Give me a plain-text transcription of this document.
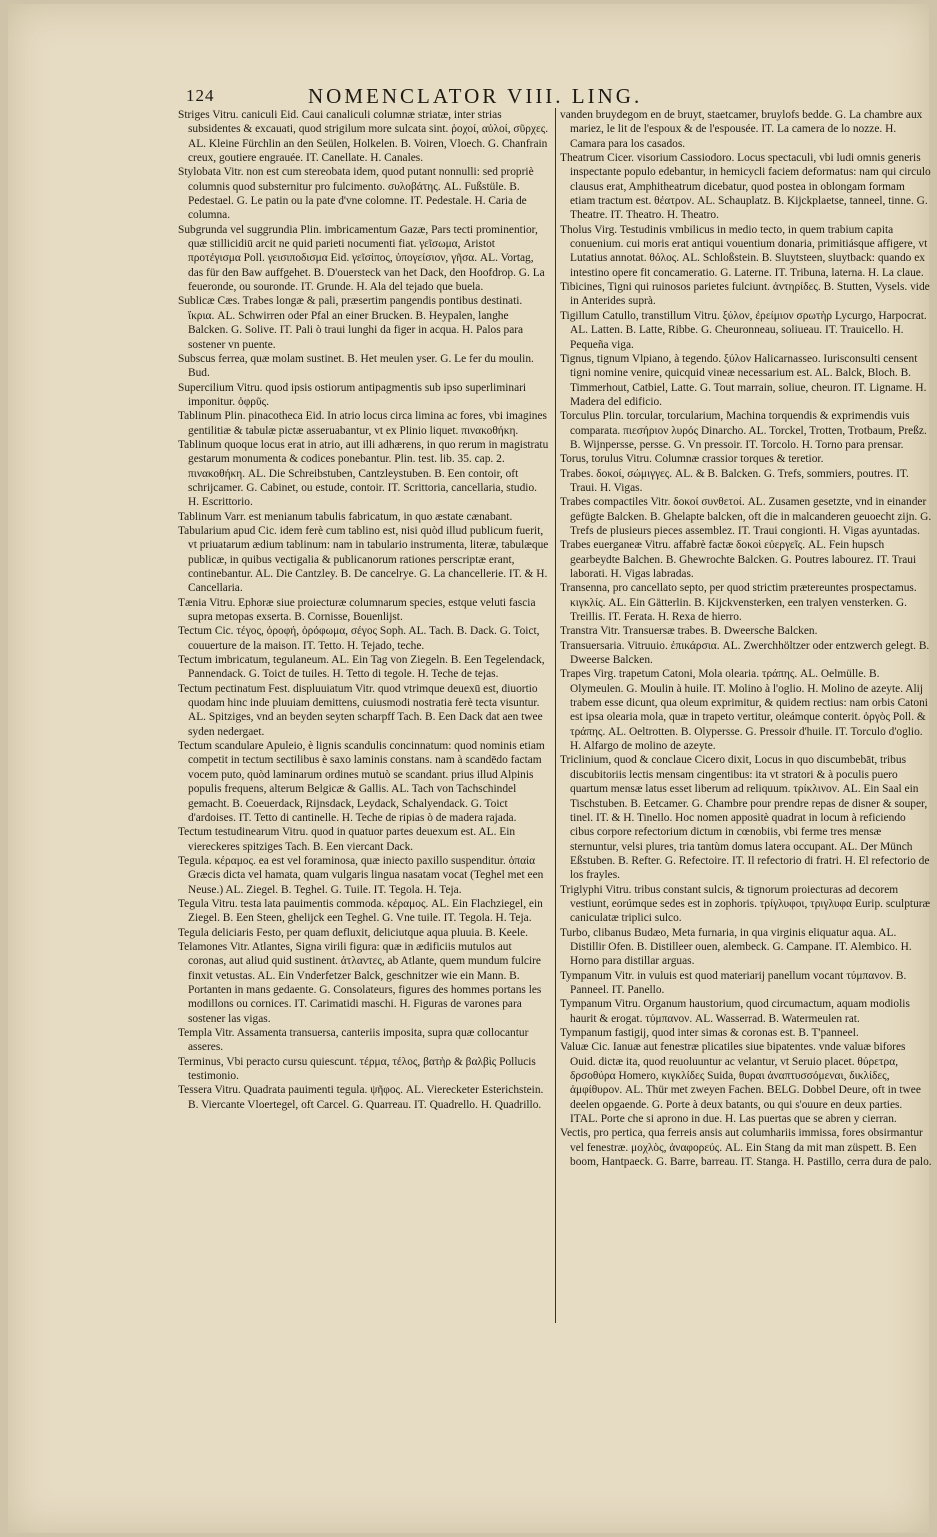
124	NOMENCLATOR VIII. LING.

Striges Vitru. caniculi Eid. Caui canaliculi columnæ striatæ, inter strias subsidentes & excauati, quod strigilum more sulcata sint. ῥοχοί, αὐλοί, σῦρχες. AL. Kleine Fürchlin an den Seülen, Holkelen. B. Voiren, Vloech. G. Chanfrain creux, goutiere engrauée. IT. Canellate. H. Canales.

Stylobata Vitr. non est cum stereobata idem, quod putant nonnulli: sed propriè columnis quod substernitur pro fulcimento. συλοβάτης. AL. Fußstüle. B. Pedestael. G. Le patin ou la pate d'vne colomne. IT. Pedestale. H. Caria de columna.

Subgrunda vel suggrundia Plin. imbricamentum Gazæ, Pars tecti prominentior, quæ stillicidiū arcit ne quid parieti nocumenti fiat. γεῖσωμα, Aristot προτέγισμα Poll. γεισιποδισμα Eid. γεῖσίπος, ὑπογείσιον, γῆσα. AL. Vortag, das für den Baw auffgehet. B. D'ouersteck van het Dack, den Hoofdrop. G. La feueronde, ou souronde. IT. Grunde. H. Ala del tejado que buela.

Sublicæ Cæs. Trabes longæ & pali, præsertim pangendis pontibus destinati. ἴκρια. AL. Schwirren oder Pfal an einer Brucken. B. Heypalen, langhe Balcken. G. Solive. IT. Pali ò traui lunghi da figer in acqua. H. Palos para sostener vn puente.

Subscus ferrea, quæ molam sustinet. B. Het meulen yser. G. Le fer du moulin. Bud.

Supercilium Vitru. quod ipsis ostiorum antipagmentis sub ipso superliminari imponitur. ὀφρῦς.

Tablinum Plin. pinacotheca Eid. In atrio locus circa limina ac fores, vbi imagines gentilitiæ & tabulæ pictæ asseruabantur, vt ex Plinio liquet. πινακοθήκη.

Tablinum quoque locus erat in atrio, aut illi adhærens, in quo rerum in magistratu gestarum monumenta & codices ponebantur. Plin. test. lib. 35. cap. 2. πινακοθήκη. AL. Die Schreibstuben, Cantzleystuben. B. Een contoir, oft schrijcamer. G. Cabinet, ou estude, contoir. IT. Scrittoria, cancellaria, studio. H. Escrittorio.

Tablinum Varr. est menianum tabulis fabricatum, in quo æstate cænabant.

Tabularium apud Cic. idem ferè cum tablino est, nisi quòd illud publicum fuerit, vt priuatarum ædium tablinum: nam in tabulario instrumenta, literæ, tabulæque publicæ, in quibus vectigalia & publicanorum rationes perscriptæ erant, continebantur. AL. Die Cantzley. B. De cancelrye. G. La chancellerie. IT. & H. Cancellaria.

Tænia Vitru. Ephoræ siue proiecturæ columnarum species, estque veluti fascia supra metopas exserta. B. Cornisse, Bouenlijst.

Tectum Cic. τέγος, ὀροφή, ὀρόφωμα, σέγος Soph. AL. Tach. B. Dack. G. Toict, couuerture de la maison. IT. Tetto. H. Tejado, teche.

Tectum imbricatum, tegulaneum. AL. Ein Tag von Ziegeln. B. Een Tegelendack, Pannendack. G. Toict de tuiles. H. Tetto di tegole. H. Teche de tejas.

Tectum pectinatum Fest. displuuiatum Vitr. quod vtrimque deuexū est, diuortio quodam hinc inde pluuiam demittens, cuiusmodi nostratia ferè tecta visuntur. AL. Spitziges, vnd an beyden seyten scharpff Tach. B. Een Dack dat aen twee syden nedergaet.

Tectum scandulare Apuleio, è lignis scandulis concinnatum: quod nominis etiam competit in tectum sectilibus è saxo laminis constans. nam à scandēdo factam vocem puto, quòd laminarum ordines mutuò se scandant. prius illud Alpinis populis frequens, alterum Belgicæ & Gallis. AL. Tach von Tachschindel gemacht. B. Coeuerdack, Rijnsdack, Leydack, Schalyendack. G. Toict d'ardoises. IT. Tetto di cantinelle. H. Teche de ripias ò de madera rajada.

Tectum testudinearum Vitru. quod in quatuor partes deuexum est. AL. Ein viereckeres spitziges Tach. B. Een viercant Dack.

Tegula. κέραμος. ea est vel foraminosa, quæ iniecto paxillo suspenditur. ὀπαία Græcis dicta vel hamata, quam vulgaris lingua nasatam vocat (Teghel met een Neuse.) AL. Ziegel. B. Teghel. G. Tuile. IT. Tegola. H. Teja.

Tegula Vitru. testa lata pauimentis commoda. κέραμος. AL. Ein Flachziegel, ein Ziegel. B. Een Steen, ghelijck een Teghel. G. Vne tuile. IT. Tegola. H. Teja.

Tegula deliciaris Festo, per quam defluxit, deliciutque aqua pluuia. B. Keele.

Telamones Vitr. Atlantes, Signa virili figura: quæ in ædificiis mutulos aut coronas, aut aliud quid sustinent. ἀτλαντες, ab Atlante, quem mundum fulcire finxit vetustas. AL. Ein Vnderfetzer Balck, geschnitzer wie ein Mann. B. Portanten in mans gedaente. G. Consolateurs, figures des hommes portans les modillons ou cornices. IT. Carimatidi maschi. H. Figuras de varones para sostener las vigas.

Templa Vitr. Assamenta transuersa, canteriis imposita, supra quæ collocantur asseres.

Terminus, Vbi peracto cursu quiescunt. τέρμα, τέλος, βατὴρ & βαλβὶς Pollucis testimonio.

Tessera Vitru. Quadrata pauimenti tegula. ψῆφος. AL. Vierecketer Esterichstein. B. Viercante Vloertegel, oft Carcel. G. Quarreau. IT. Quadrello. H. Quadrillo.

vanden bruydegom en de bruyt, staetcamer, bruylofs bedde. G. La chambre aux mariez, le lit de l'espoux & de l'espousée. IT. La camera de lo nozze. H. Camara para los casados.

Theatrum Cicer. visorium Cassiodoro. Locus spectaculi, vbi ludi omnis generis inspectante populo edebantur, in hemicycli faciem deformatus: nam qui circulo clausus erat, Amphitheatrum dicebatur, quod postea in oblongam formam etiam tractum est. θέατρον. AL. Schauplatz. B. Kijckplaetse, tanneel, tinne. G. Theatre. IT. Theatro. H. Theatro.

Tholus Virg. Testudinis vmbilicus in medio tecto, in quem trabium capita conuenium. cui moris erat antiqui vouentium donaria, primitiásque affigere, vt Lutatius annotat. θόλος. AL. Schloßstein. B. Sluytsteen, sluytback: quando ex intestino opere fit concameratio. G. Laterne. IT. Tribuna, laterna. H. La claue.

Tibicines, Tigni qui ruinosos parietes fulciunt. ἀντηρίδες. B. Stutten, Vysels. vide in Anterides suprà.

Tigillum Catullo, transtillum Vitru. ξύλον, ἐρείμιον σρωτὴρ Lycurgo, Harpocrat. AL. Latten. B. Latte, Ribbe. G. Cheuronneau, soliueau. IT. Trauicello. H. Pequeña viga.

Tignus, tignum Vlpiano, à tegendo. ξύλον Halicarnasseo. Iurisconsulti censent tigni nomine venire, quicquid vineæ necessarium est. AL. Balck, Bloch. B. Timmerhout, Catbiel, Latte. G. Tout marrain, soliue, cheuron. IT. Ligname. H. Madera del edificio.

Torculus Plin. torcular, torcularium, Machina torquendis & exprimendis vuis comparata. πιεσήριον λυρός Dinarcho. AL. Torckel, Trotten, Trotbaum, Preßz. B. Wijnpersse, persse. G. Vn pressoir. IT. Torcolo. H. Torno para prensar.

Torus, torulus Vitru. Columnæ crassior torques & teretior.

Trabes. δοκοί, σώμιγγες. AL. & B. Balcken. G. Trefs, sommiers, poutres. IT. Traui. H. Vigas.

Trabes compactiles Vitr. δοκοί συνθετοί. AL. Zusamen gesetzte, vnd in einander gefügte Balcken. B. Ghelapte balcken, oft die in malcanderen geuoecht zijn. G. Trefs de plusieurs pieces assemblez. IT. Traui congionti. H. Vigas ayuntadas.

Trabes euerganeæ Vitru. affabrè factæ δοκοὶ εὐεργεῖς. AL. Fein hupsch gearbeydte Balchen. B. Ghewrochte Balcken. G. Poutres labourez. IT. Traui laborati. H. Vigas labradas.

Transenna, pro cancellato septo, per quod strictim prætereuntes prospectamus. κιγκλίς. AL. Ein Gätterlin. B. Kijckvensterken, een tralyen vensterken. G. Treillis. IT. Ferata. H. Rexa de hierro.

Transtra Vitr. Transuersæ trabes. B. Dweersche Balcken.

Transuersaria. Vitruuio. ἐπικάρσια. AL. Zwerchhöltzer oder entzwerch gelegt. B. Dweerse Balcken.

Trapes Virg. trapetum Catoni, Mola olearia. τράπης. AL. Oelmülle. B. Olymeulen. G. Moulin à huile. IT. Molino à l'oglio. H. Molino de azeyte. Alij trabem esse dicunt, qua oleum exprimitur, & quidem rectius: nam orbis Catoni est ipsa olearia mola, quæ in trapeto vertitur, oleámque conterit. ὀργὸς Poll. & τράπης. AL. Oeltrotten. B. Olypersse. G. Pressoir d'huile. IT. Torculo d'oglio. H. Alfargo de molino de azeyte.

Triclinium, quod & conclaue Cicero dixit, Locus in quo discumbebāt, tribus discubitoriis lectis mensam cingentibus: ita vt stratori & à poculis puero quartum mensæ latus esset liberum ad reliquum. τρίκλινον. AL. Ein Saal ein Tischstuben. B. Eetcamer. G. Chambre pour prendre repas de disner & souper, tinel. IT. & H. Tinello. Hoc nomen appositè quadrat in locum à reficiendo cibus corpore refectorium dictum in cœnobiis, vbi ferme tres mensæ sternuntur, velsi plures, tria tantùm domus latera occupant. AL. Der Münch Eßstuben. B. Refter. G. Refectoire. IT. Il refectorio di fratri. H. El refectorio de los frayles.

Triglyphi Vitru. tribus constant sulcis, & tignorum proiecturas ad decorem vestiunt, eorúmque sedes est in zophoris. τρίγλυφοι, τριγλυφα Eurip. sculpturæ caniculatæ triplici sulco.

Turbo, clibanus Budæo, Meta furnaria, in qua virginis eliquatur aqua. AL. Distillir Ofen. B. Distilleer ouen, alembeck. G. Campane. IT. Alembico. H. Horno para distillar arguas.

Tympanum Vitr. in vuluis est quod materiarij panellum vocant τύμπανον. B. Panneel. IT. Panello.

Tympanum Vitru. Organum haustorium, quod circumactum, aquam modiolis haurit & erogat. τύμπανον. AL. Wasserrad. B. Watermeulen rat.

Tympanum fastigij, quod inter simas & coronas est. B. T'panneel.

Valuæ Cic. Ianuæ aut fenestræ plicatiles siue bipatentes. vnde valuæ bifores Ouid. dictæ ita, quod reuoluuntur ac velantur, vt Seruio placet. θύρετρα, δρσοθύρα Homero, κιγκλίδες Suida, θυραι ἀναπτυσσόμεναι, δικλίδες, ἀμφίθυρον. AL. Thür met zweyen Fachen. BELG. Dobbel Deure, oft in twee deelen opgaende. G. Porte à deux batants, ou qui s'ouure en deux parties. ITAL. Porte che si aprono in due. H. Las puertas que se abren y cierran.

Vectis, pro pertica, qua ferreis ansis aut columhariis immissa, fores obsirmantur vel fenestræ. μοχλὸς, ἀναφορεύς. AL. Ein Stang da mit man züspett. B. Een boom, Hantpaeck. G. Barre, barreau. IT. Stanga. H. Pastillo, cerra dura de palo.
